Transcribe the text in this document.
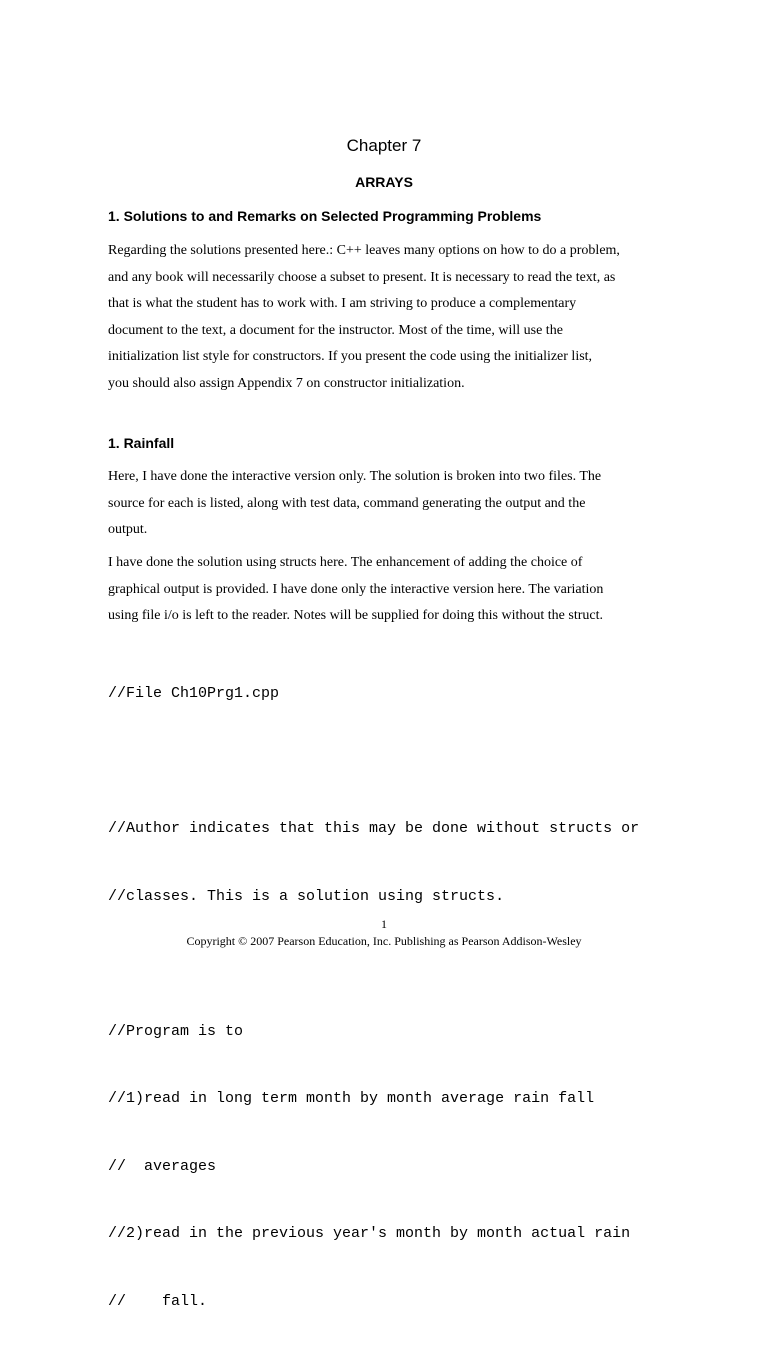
Chapter 7
ARRAYS
1. Solutions to and Remarks on Selected Programming Problems
Regarding the solutions presented here.: C++ leaves many options on how to do a problem,
and any book will necessarily choose a subset to present. It is necessary to read the text, as
that is what the student has to work with. I am striving to produce a complementary
document to the text, a document for the instructor. Most of the time, will use the
initialization list style for constructors. If you present the code using the initializer list,
you should also assign Appendix 7 on constructor initialization.
1. Rainfall
Here, I have done the interactive version only. The solution is broken into two files. The
source for each is listed, along with test data, command generating the output and the
output.
I have done the solution using structs here. The enhancement of adding the choice of
graphical output is provided. I have done only the interactive version here. The variation
using file i/o is left to the reader. Notes will be supplied for doing this without the struct.

//File Ch10Prg1.cpp

//Author indicates that this may be done without structs or

//classes. This is a solution using structs.

//Program is to

//1)read in long term month by month average rain fall

//  averages

//2)read in the previous year's month by month actual rain

//    fall.

1
Copyright © 2007 Pearson Education, Inc. Publishing as Pearson Addison-Wesley
